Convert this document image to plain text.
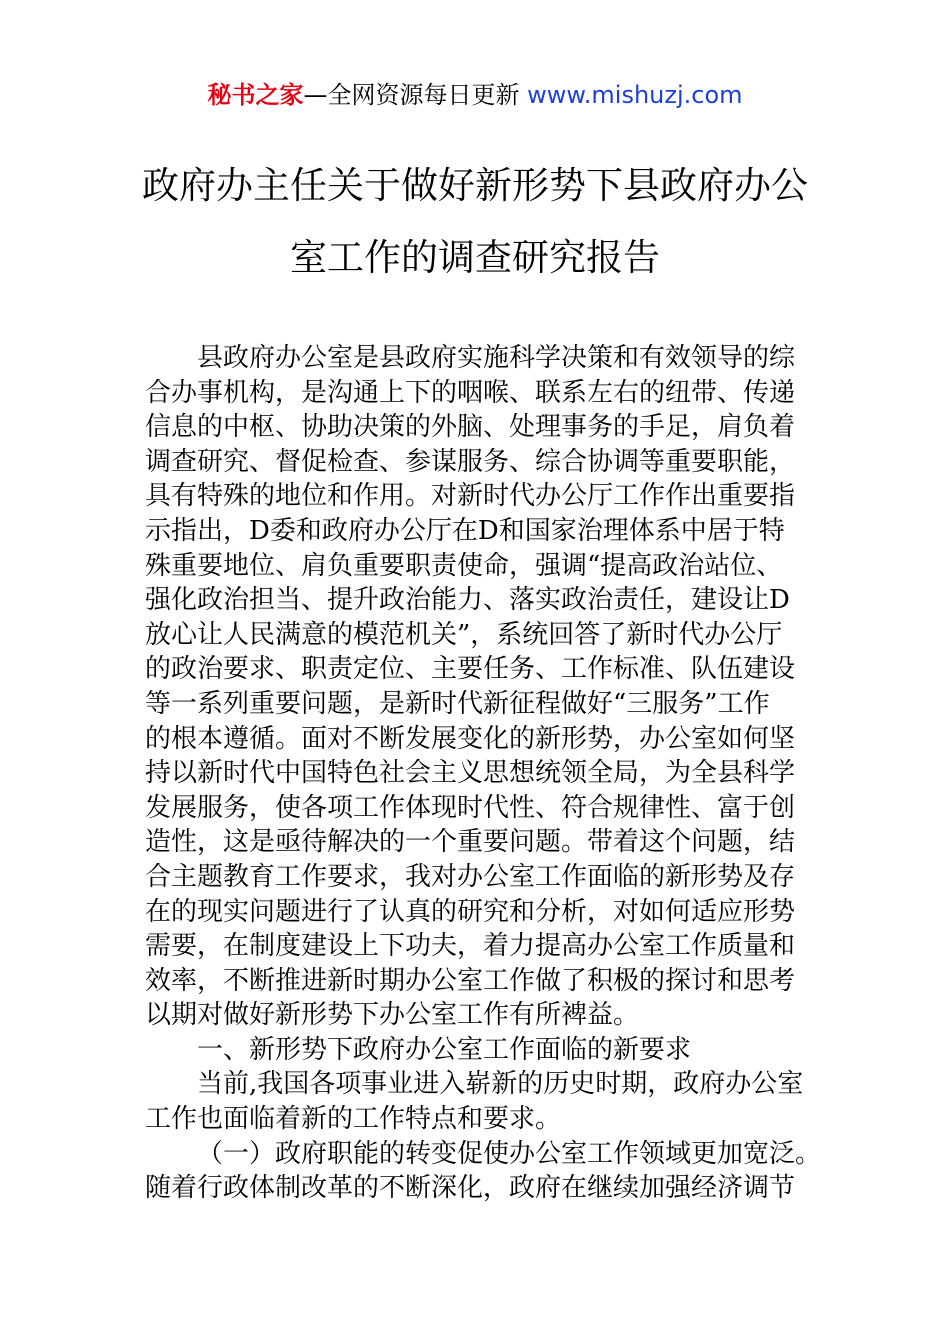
秘书之家—全网资源每日更新 www.mishuzj.com
政府办主任关于做好新形势下县政府办公
室工作的调查研究报告
县政府办公室是县政府实施科学决策和有效领导的综
合办事机构，是沟通上下的咽喉、联系左右的纽带、传递
信息的中枢、协助决策的外脑、处理事务的手足，肩负着
调查研究、督促检查、参谋服务、综合协调等重要职能，
具有特殊的地位和作用。对新时代办公厅工作作出重要指
示指出，D委和政府办公厅在D和国家治理体系中居于特
殊重要地位、肩负重要职责使命，强调“提高政治站位、
强化政治担当、提升政治能力、落实政治责任，建设让D
放心让人民满意的模范机关”，系统回答了新时代办公厅
的政治要求、职责定位、主要任务、工作标准、队伍建设
等一系列重要问题，是新时代新征程做好“三服务”工作
的根本遵循。面对不断发展变化的新形势，办公室如何坚
持以新时代中国特色社会主义思想统领全局，为全县科学
发展服务，使各项工作体现时代性、符合规律性、富于创
造性，这是亟待解决的一个重要问题。带着这个问题，结
合主题教育工作要求，我对办公室工作面临的新形势及存
在的现实问题进行了认真的研究和分析，对如何适应形势
需要，在制度建设上下功夫，着力提高办公室工作质量和
效率，不断推进新时期办公室工作做了积极的探讨和思考
以期对做好新形势下办公室工作有所裨益。
一、新形势下政府办公室工作面临的新要求
当前,我国各项事业进入崭新的历史时期，政府办公室
工作也面临着新的工作特点和要求。
（一）政府职能的转变促使办公室工作领域更加宽泛。
随着行政体制改革的不断深化，政府在继续加强经济调节
